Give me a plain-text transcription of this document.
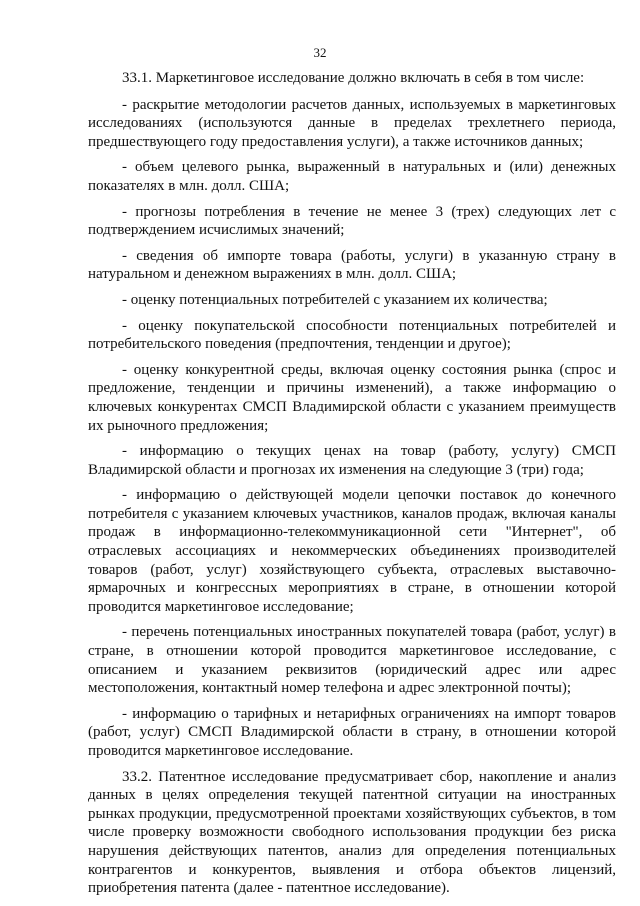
32

33.1. Маркетинговое исследование должно включать в себя в том числе:

- раскрытие методологии расчетов данных, используемых в маркетинговых исследованиях (используются данные в пределах трехлетнего периода, предшествующего году предоставления услуги), а также источников данных;

- объем целевого рынка, выраженный в натуральных и (или) денежных показателях в млн. долл. США;

- прогнозы потребления в течение не менее 3 (трех) следующих лет с подтверждением исчислимых значений;

- сведения об импорте товара (работы, услуги) в указанную страну в натуральном и денежном выражениях в млн. долл. США;

- оценку потенциальных потребителей с указанием их количества;

- оценку покупательской способности потенциальных потребителей и потребительского поведения (предпочтения, тенденции и другое);

- оценку конкурентной среды, включая оценку состояния рынка (спрос и предложение, тенденции и причины изменений), а также информацию о ключевых конкурентах СМСП Владимирской области с указанием преимуществ их рыночного предложения;

- информацию о текущих ценах на товар (работу, услугу) СМСП Владимирской области и прогнозах их изменения на следующие 3 (три) года;

- информацию о действующей модели цепочки поставок до конечного потребителя с указанием ключевых участников, каналов продаж, включая каналы продаж в информационно-телекоммуникационной сети "Интернет", об отраслевых ассоциациях и некоммерческих объединениях производителей товаров (работ, услуг) хозяйствующего субъекта, отраслевых выставочно-ярмарочных и конгрессных мероприятиях в стране, в отношении которой проводится маркетинговое исследование;

- перечень потенциальных иностранных покупателей товара (работ, услуг) в стране, в отношении которой проводится маркетинговое исследование, с описанием и указанием реквизитов (юридический адрес или адрес местоположения, контактный номер телефона и адрес электронной почты);

- информацию о тарифных и нетарифных ограничениях на импорт товаров (работ, услуг) СМСП Владимирской области в страну, в отношении которой проводится маркетинговое исследование.

33.2. Патентное исследование предусматривает сбор, накопление и анализ данных в целях определения текущей патентной ситуации на иностранных рынках продукции, предусмотренной проектами хозяйствующих субъектов, в том числе проверку возможности свободного использования продукции без риска нарушения действующих патентов, анализ для определения потенциальных контрагентов и конкурентов, выявления и отбора объектов лицензий, приобретения патента (далее - патентное исследование).
